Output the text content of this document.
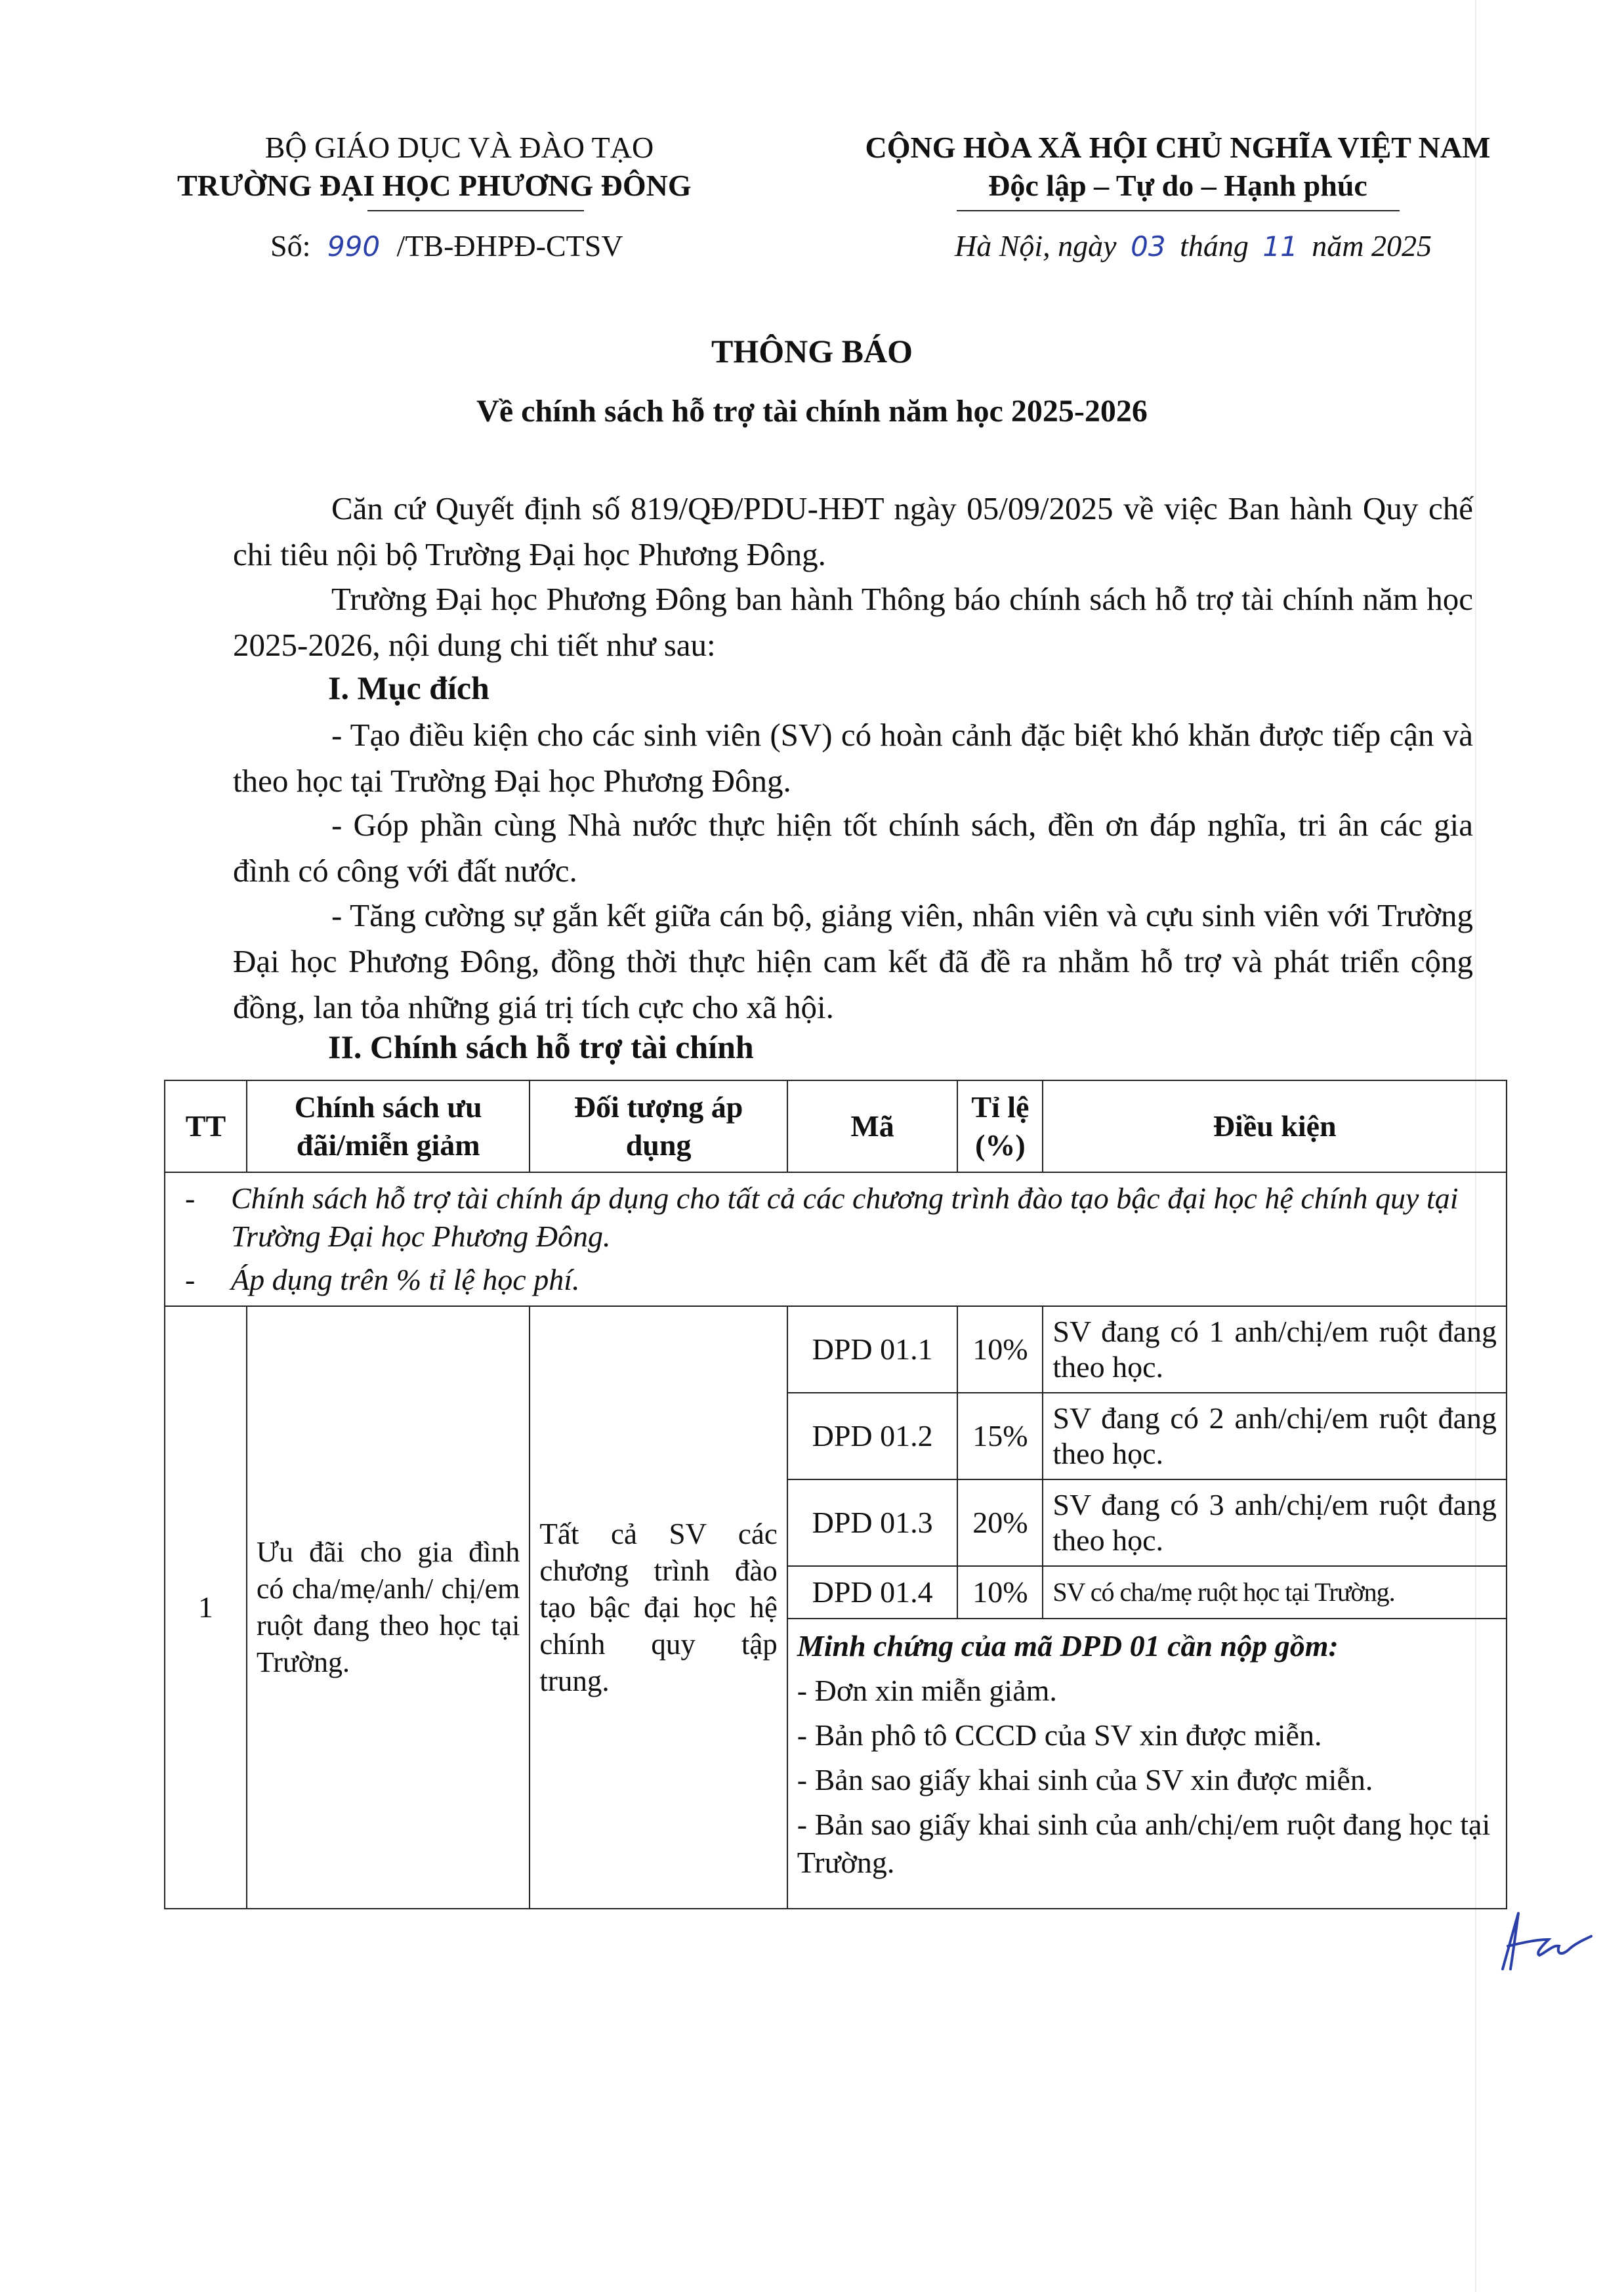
BỘ GIÁO DỤC VÀ ĐÀO TẠO
TRƯỜNG ĐẠI HỌC PHƯƠNG ĐÔNG
Số: 990 /TB-ĐHPĐ-CTSV
CỘNG HÒA XÃ HỘI CHỦ NGHĨA VIỆT NAM
Độc lập – Tự do – Hạnh phúc
Hà Nội, ngày 03 tháng 11 năm 2025
THÔNG BÁO
Về chính sách hỗ trợ tài chính năm học 2025-2026
Căn cứ Quyết định số 819/QĐ/PDU-HĐT ngày 05/09/2025 về việc Ban hành Quy chế chi tiêu nội bộ Trường Đại học Phương Đông.
Trường Đại học Phương Đông ban hành Thông báo chính sách hỗ trợ tài chính năm học 2025-2026, nội dung chi tiết như sau:
I. Mục đích
- Tạo điều kiện cho các sinh viên (SV) có hoàn cảnh đặc biệt khó khăn được tiếp cận và theo học tại Trường Đại học Phương Đông.
- Góp phần cùng Nhà nước thực hiện tốt chính sách, đền ơn đáp nghĩa, tri ân các gia đình có công với đất nước.
- Tăng cường sự gắn kết giữa cán bộ, giảng viên, nhân viên và cựu sinh viên với Trường Đại học Phương Đông, đồng thời thực hiện cam kết đã đề ra nhằm hỗ trợ và phát triển cộng đồng, lan tỏa những giá trị tích cực cho xã hội.
II. Chính sách hỗ trợ tài chính
TT	Chính sách ưu đãi/miễn giảm	Đối tượng áp dụng	Mã	Tỉ lệ (%)	Điều kiện

- Chính sách hỗ trợ tài chính áp dụng cho tất cả các chương trình đào tạo bậc đại học hệ chính quy tại Trường Đại học Phương Đông.
- Áp dụng trên % tỉ lệ học phí.					

1	Ưu đãi cho gia đình có cha/mẹ/anh/ chị/em ruột đang theo học tại Trường.	Tất cả SV các chương trình đào tạo bậc đại học hệ chính quy tập trung.	DPD 01.1	10%	SV đang có 1 anh/chị/em ruột đang theo học.
			DPD 01.2	15%	SV đang có 2 anh/chị/em ruột đang theo học.
			DPD 01.3	20%	SV đang có 3 anh/chị/em ruột đang theo học.
			DPD 01.4	10%	SV có cha/mẹ ruột học tại Trường.

			Minh chứng của mã DPD 01 cần nộp gồm:
- Đơn xin miễn giảm.
- Bản phô tô CCCD của SV xin được miễn.
- Bản sao giấy khai sinh của SV xin được miễn.
- Bản sao giấy khai sinh của anh/chị/em ruột đang học tại Trường.		
